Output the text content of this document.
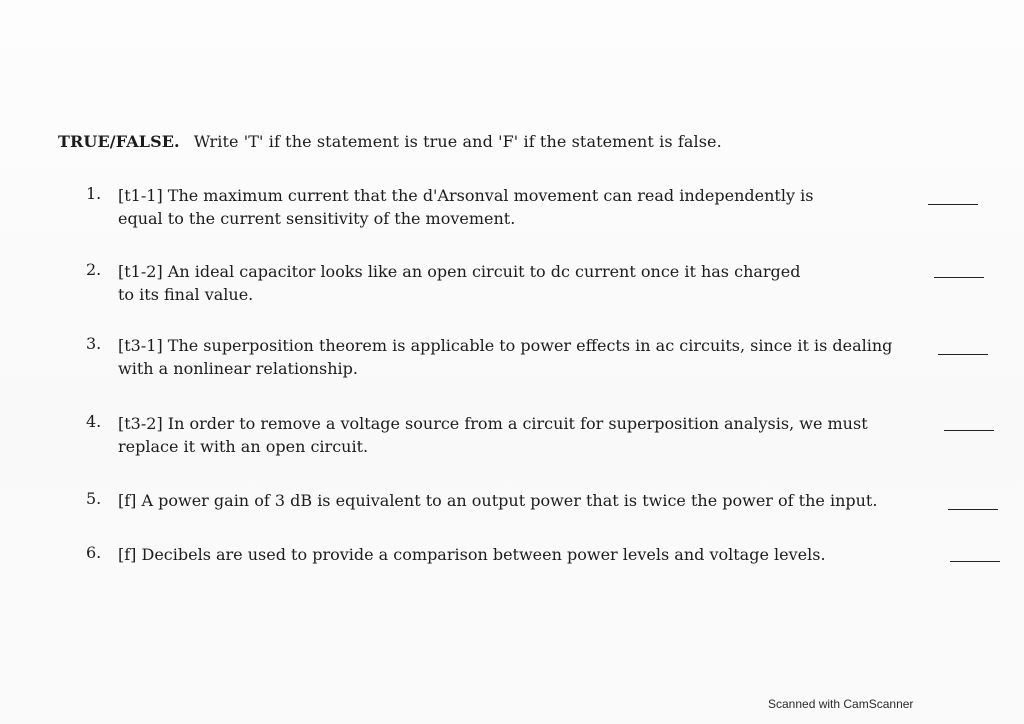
TRUE/FALSE. Write 'T' if the statement is true and 'F' if the statement is false.
1. [t1-1] The maximum current that the d'Arsonval movement can read independently is
equal to the current sensitivity of the movement.
2. [t1-2] An ideal capacitor looks like an open circuit to dc current once it has charged
to its final value.
3. [t3-1] The superposition theorem is applicable to power effects in ac circuits, since it is dealing
with a nonlinear relationship.
4. [t3-2] In order to remove a voltage source from a circuit for superposition analysis, we must
replace it with an open circuit.
5. [f] A power gain of 3 dB is equivalent to an output power that is twice the power of the input.
6. [f] Decibels are used to provide a comparison between power levels and voltage levels.
Scanned with CamScanner
